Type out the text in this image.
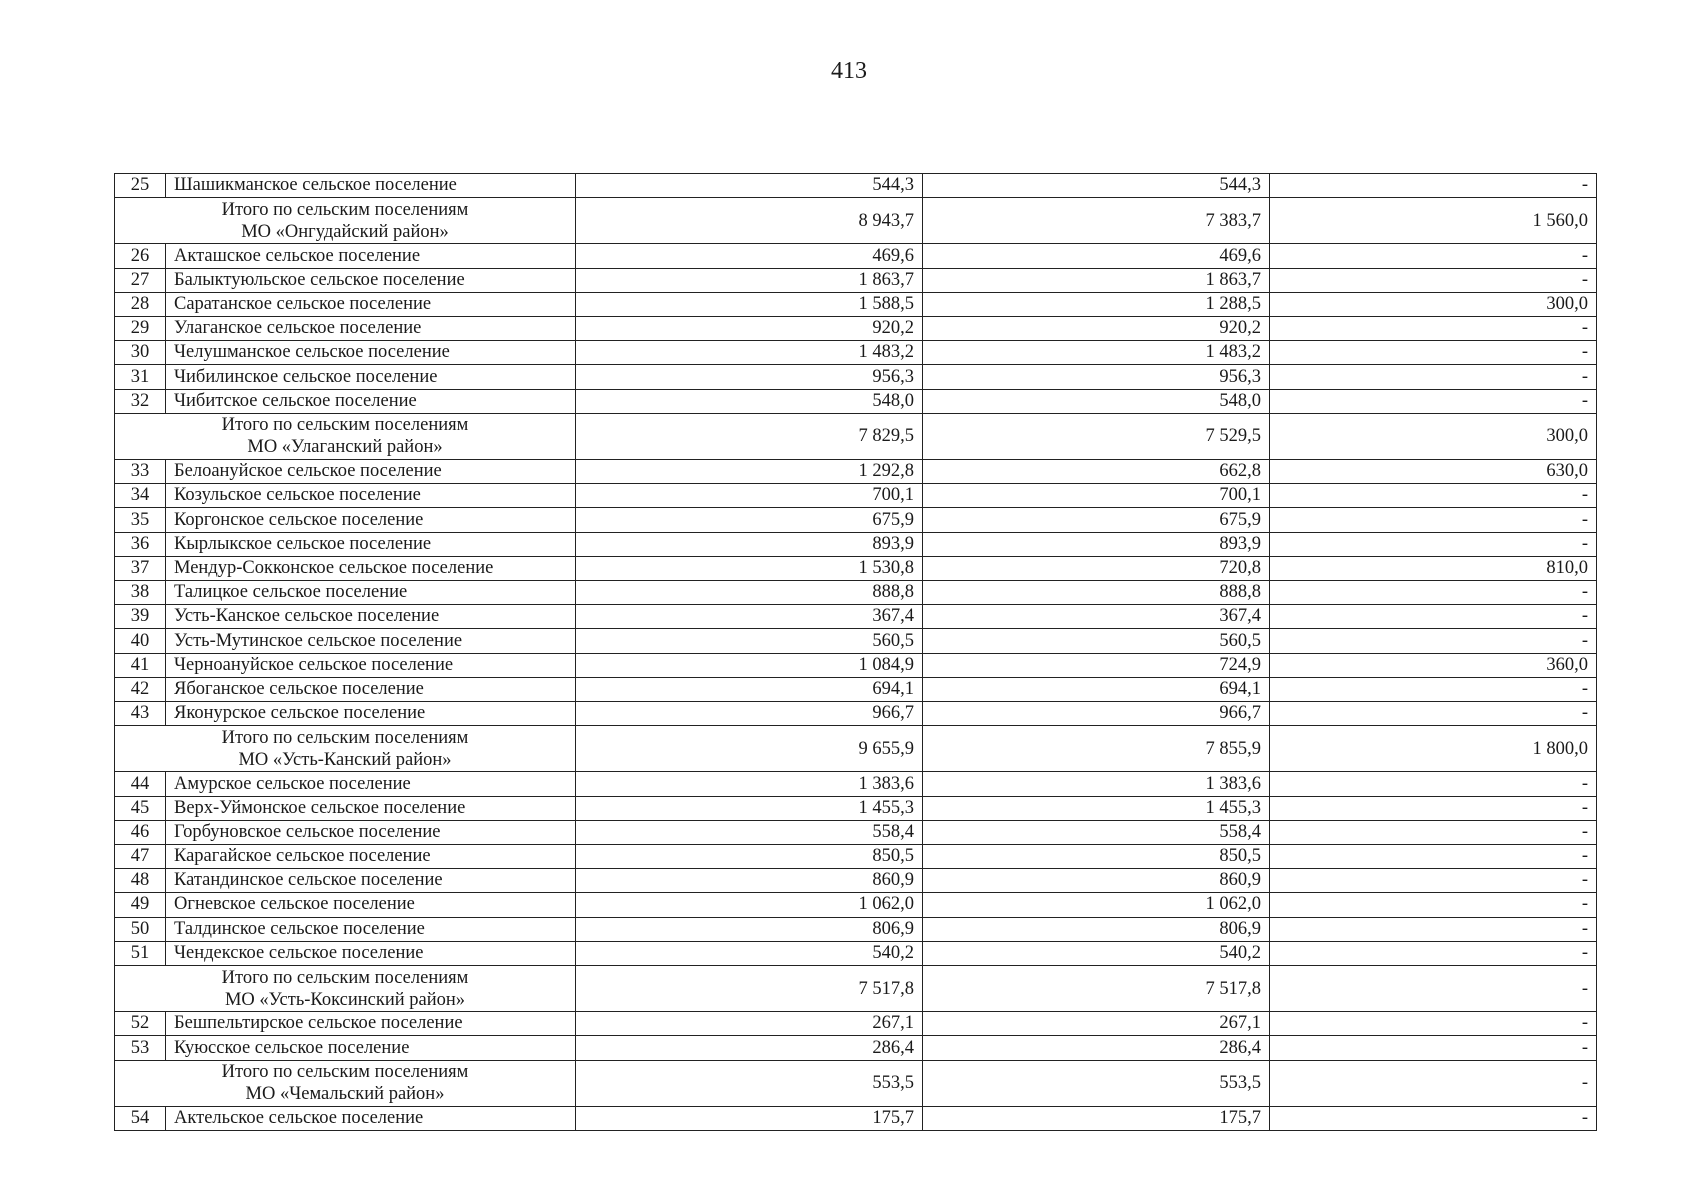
413
25	Шашикманское сельское поселение	544,3	544,3	-

Итого по сельским поселениям
МО «Онгудайский район»		8 943,7	7 383,7	1 560,0
26	Акташское сельское поселение	469,6	469,6	-
27	Балыктуюльское сельское поселение	1 863,7	1 863,7	-
28	Саратанское сельское поселение	1 588,5	1 288,5	300,0
29	Улаганское сельское поселение	920,2	920,2	-
30	Челушманское сельское поселение	1 483,2	1 483,2	-
31	Чибилинское сельское поселение	956,3	956,3	-
32	Чибитское сельское поселение	548,0	548,0	-

Итого по сельским поселениям
МО «Улаганский район»		7 829,5	7 529,5	300,0
33	Белоануйское сельское поселение	1 292,8	662,8	630,0
34	Козульское сельское поселение	700,1	700,1	-
35	Коргонское сельское поселение	675,9	675,9	-
36	Кырлыкское сельское поселение	893,9	893,9	-
37	Мендур-Сокконское сельское поселение	1 530,8	720,8	810,0
38	Талицкое сельское поселение	888,8	888,8	-
39	Усть-Канское сельское поселение	367,4	367,4	-
40	Усть-Мутинское сельское поселение	560,5	560,5	-
41	Черноануйское сельское поселение	1 084,9	724,9	360,0
42	Ябоганское сельское поселение	694,1	694,1	-
43	Яконурское сельское поселение	966,7	966,7	-

Итого по сельским поселениям
МО «Усть-Канский район»		9 655,9	7 855,9	1 800,0
44	Амурское сельское поселение	1 383,6	1 383,6	-
45	Верх-Уймонское сельское поселение	1 455,3	1 455,3	-
46	Горбуновское сельское поселение	558,4	558,4	-
47	Карагайское сельское поселение	850,5	850,5	-
48	Катандинское сельское поселение	860,9	860,9	-
49	Огневское сельское поселение	1 062,0	1 062,0	-
50	Талдинское сельское поселение	806,9	806,9	-
51	Чендекское сельское поселение	540,2	540,2	-

Итого по сельским поселениям
МО «Усть-Коксинский район»		7 517,8	7 517,8	-
52	Бешпельтирское сельское поселение	267,1	267,1	-
53	Куюсское сельское поселение	286,4	286,4	-

Итого по сельским поселениям
МО «Чемальский район»		553,5	553,5	-
54	Актельское сельское поселение	175,7	175,7	-
